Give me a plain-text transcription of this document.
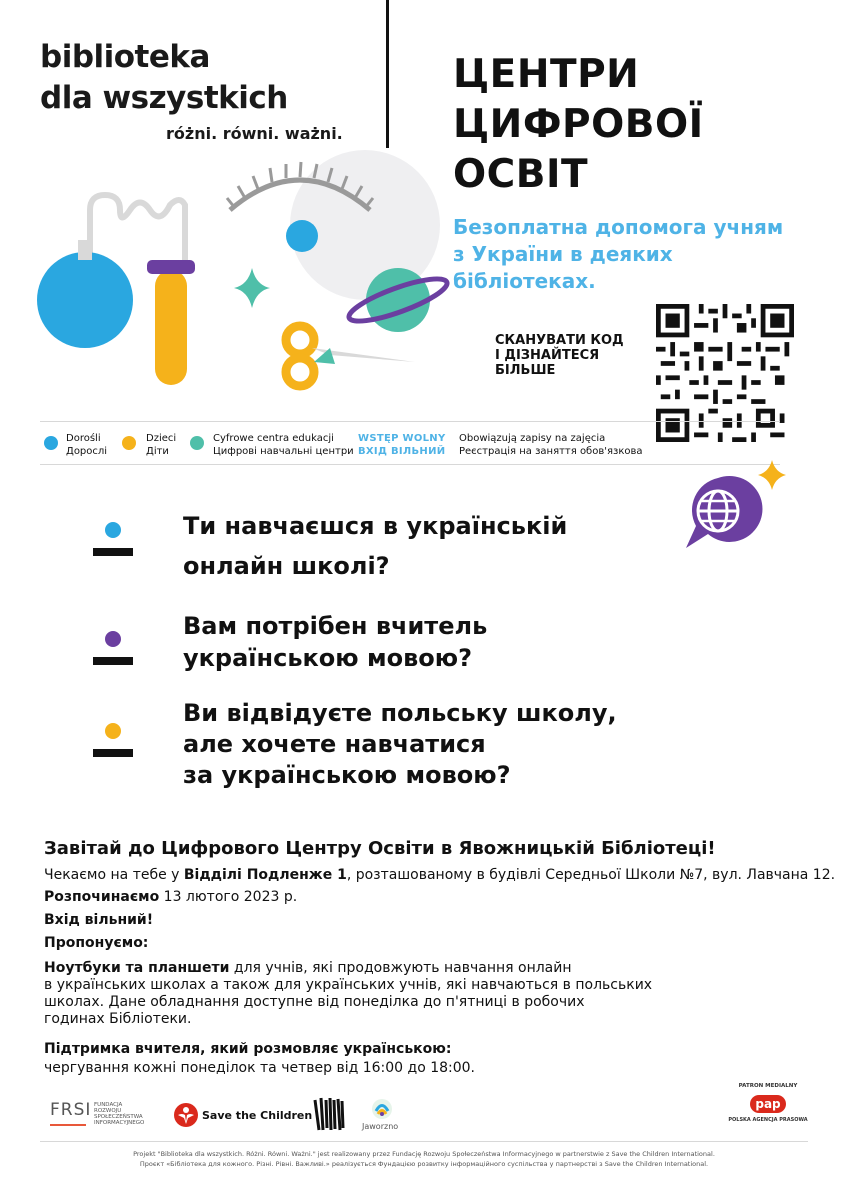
biblioteka
dla wszystkich
różni. równi. ważni.
ЦЕНТРИ
ЦИФРОВОЇ
ОСВІТ
Безоплатна допомога учням
з України в деяких
бібліотеках.
СКАНУВАТИ КОД
І ДІЗНАЙТЕСЯ
БІЛЬШЕ
Dorośli
Дорослі
Dzieci
Діти
Cyfrowe centra edukacji
Цифрові навчальні центри
WSTĘP WOLNY
ВХІД ВІЛЬНИЙ
Obowiązują zapisy na zajęcia
Реєстрація на заняття обов'язкова
Ти навчаєшся в українській
онлайн школі?
Вам потрібен вчитель
українською мовою?
Ви відвідуєте польську школу,
але хочете навчатися
за українською мовою?
Завітай до Цифрового Центру Освіти в Явожницькій Бібліотеці!
Чекаємо на тебе у Відділі Подленже 1, розташованому в будівлі Середньої Школи №7, вул. Лавчана 12.
Розпочинаємо 13 лютого 2023 р.
Вхід вільний!
Пропонуємо:
Ноутбуки та планшети для учнів, які продовжують навчання онлайн
в українських школах а також для українських учнів, які навчаються в польських
школах. Дане обладнання доступне від понеділка до п'ятниці в робочих
годинах Бібліотеки.
Підтримка вчителя, який розмовляє українською:
чергування кожні понеділок та четвер від 16:00 до 18:00.
FRSI FUNDACJA
ROZWOJU
SPOŁECZEŃSTWA
INFORMACYJNEGO
Save the Children
Jaworzno
PATRON MEDIALNY
pap
POLSKA AGENCJA PRASOWA
Projekt "Biblioteka dla wszystkich. Różni. Równi. Ważni." jest realizowany przez Fundację Rozwoju Społeczeństwa Informacyjnego w partnerstwie z Save the Children International.
Проєкт «Бібліотека для кожного. Різні. Рівні. Важливі.» реалізується Фундацією розвитку інформаційного суспільства у партнерстві з Save the Children International.
